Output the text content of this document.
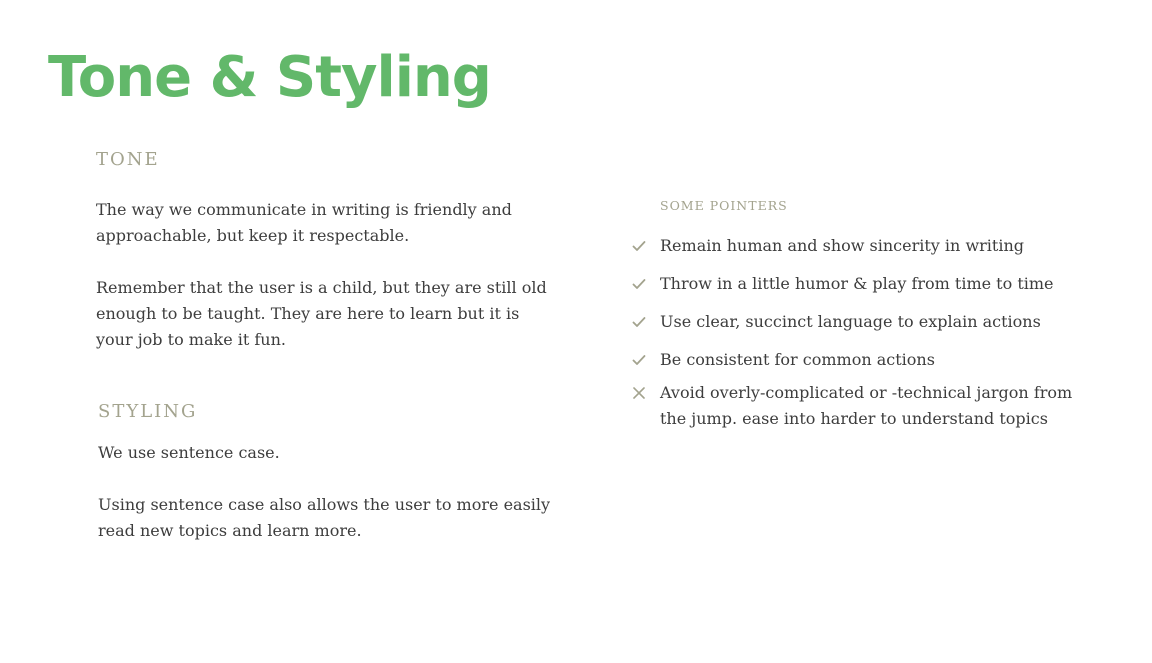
Tone & Styling
TONE

The way we communicate in writing is friendly and approachable, but keep it respectable.

Remember that the user is a child, but they are still old enough to be taught. They are here to learn but it is your job to make it fun.

STYLING

We use sentence case.

Using sentence case also allows the user to more easily read new topics and learn more.

SOME POINTERS

Remain human and show sincerity in writing

Throw in a little humor & play from time to time

Use clear, succinct language to explain actions

Be consistent for common actions

Avoid overly-complicated or -technical jargon from the jump. ease into harder to understand topics
